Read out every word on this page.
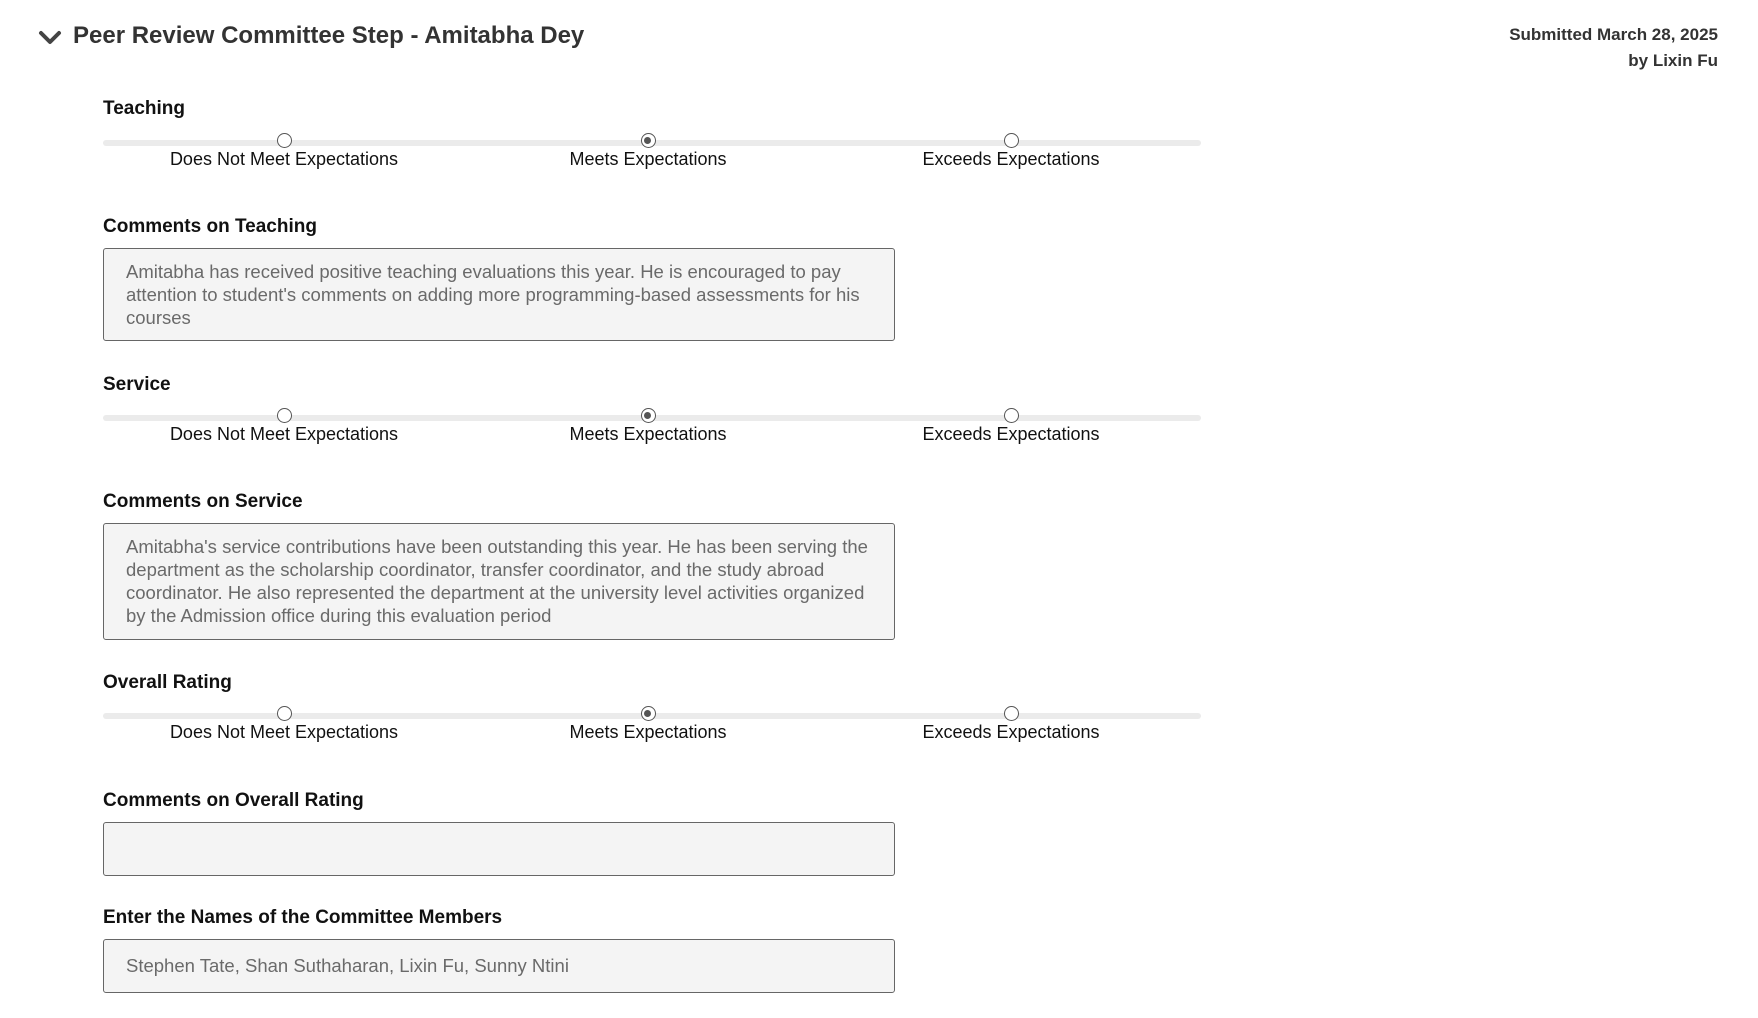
Peer Review Committee Step - Amitabha Dey	Submitted March 28, 2025
by Lixin Fu
Teaching
Does Not Meet Expectations	Meets Expectations	Exceeds Expectations
Comments on Teaching
Amitabha has received positive teaching evaluations this year. He is encouraged to pay attention to student's comments on adding more programming-based assessments for his courses
Service
Does Not Meet Expectations	Meets Expectations	Exceeds Expectations
Comments on Service
Amitabha's service contributions have been outstanding this year. He has been serving the department as the scholarship coordinator, transfer coordinator, and the study abroad coordinator. He also represented the department at the university level activities organized by the Admission office during this evaluation period
Overall Rating
Does Not Meet Expectations	Meets Expectations	Exceeds Expectations
Comments on Overall Rating
Enter the Names of the Committee Members
Stephen Tate, Shan Suthaharan, Lixin Fu, Sunny Ntini
